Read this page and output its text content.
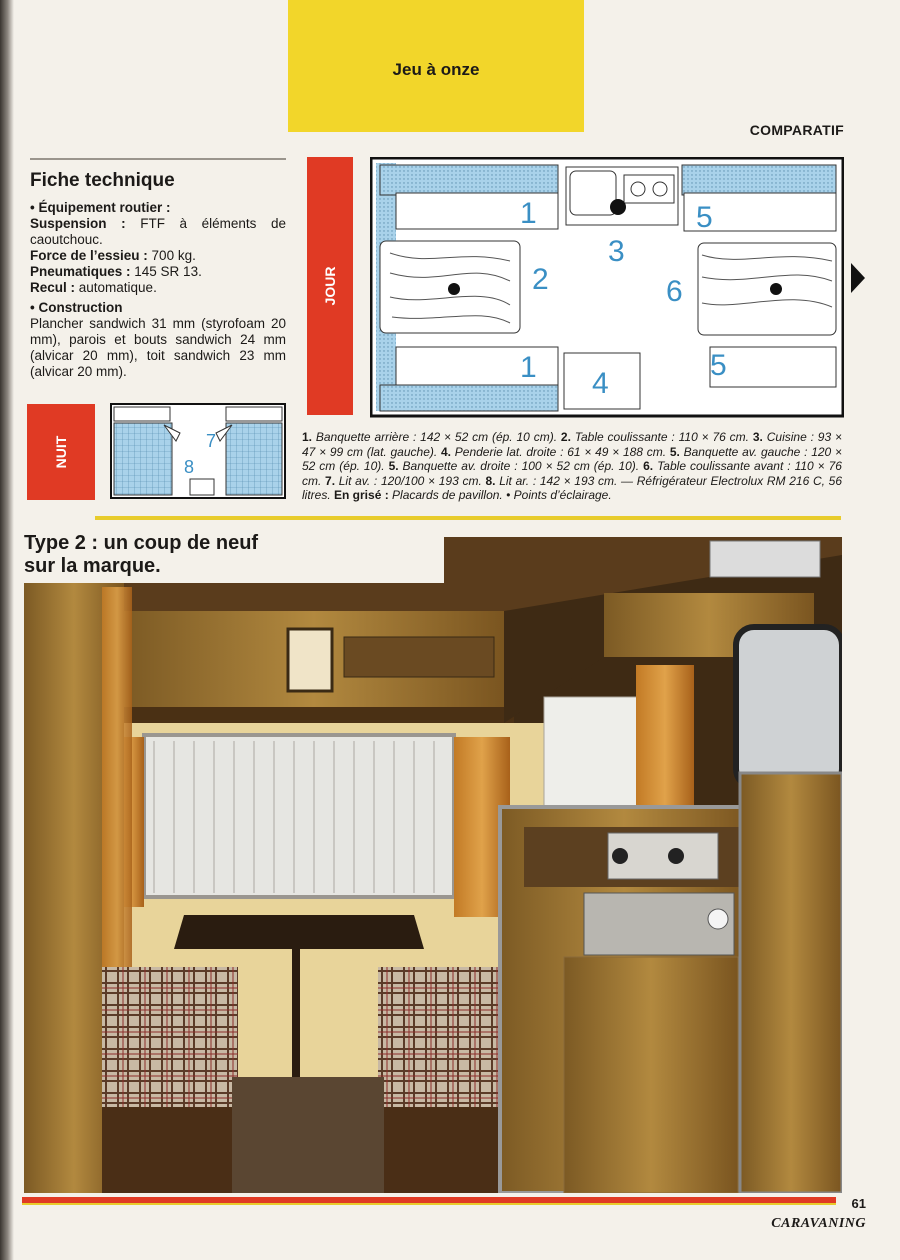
Jeu à onze
COMPARATIF
Fiche technique

• Équipement routier :

Suspension : FTF à éléments de caoutchouc.

Force de l’essieu : 700 kg.

Pneumatiques : 145 SR 13.

Recul : automatique.

• Construction

Plancher sandwich 31 mm (styrofoam 20 mm), parois et bouts sandwich 24 mm (alvicar 20 mm), toit sandwich 23 mm (alvicar 20 mm).

JOUR
NUIT
1
1
2
3
4
5
5
6
7
8
1. Banquette arrière : 142 × 52 cm (ép. 10 cm). 2. Table coulissante : 110 × 76 cm. 3. Cuisine : 93 × 47 × 99 cm (lat. gauche). 4. Penderie lat. droite : 61 × 49 × 188 cm. 5. Banquette av. gauche : 120 × 52 cm (ép. 10). 5. Banquette av. droite : 100 × 52 cm (ép. 10). 6. Table coulissante avant : 110 × 76 cm. 7. Lit av. : 120/100 × 193 cm. 8. Lit ar. : 142 × 193 cm. — Réfrigérateur Electrolux RM 216 C, 56 litres. En grisé : Placards de pavillon. • Points d’éclairage.
Type 2 : un coup de neuf
sur la marque.
61
CARAVANING
